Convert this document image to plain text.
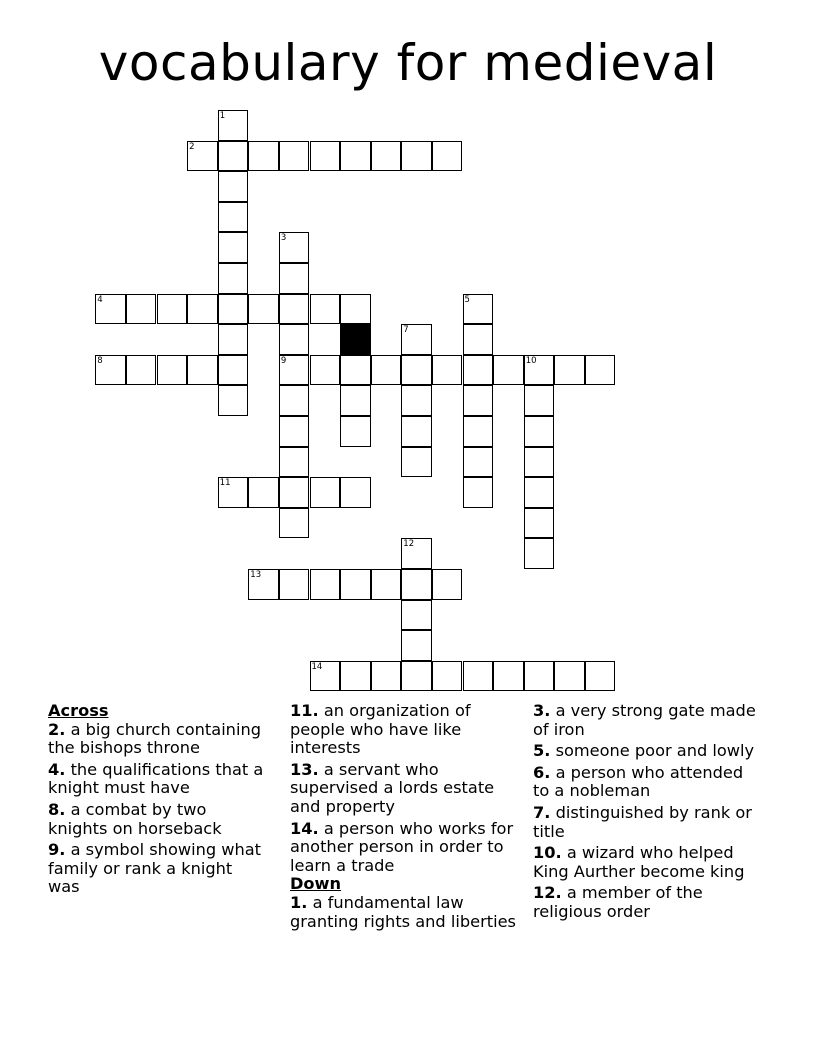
vocabulary for medieval
1
2
3
9
4	5
7
8	10
11
12
13
14
Across
2. a big church containing the bishops throne
4. the qualifications that a knight must have
8. a combat by two knights on horseback
9. a symbol showing what family or rank a knight was
11. an organization of people who have like interests
13. a servant who supervised a lords estate and property
14. a person who works for another person in order to learn a trade
Down
1. a fundamental law granting rights and liberties
3. a very strong gate made of iron
5. someone poor and lowly
6. a person who attended to a nobleman
7. distinguished by rank or title
10. a wizard who helped King Aurther become king
12. a member of the religious order
